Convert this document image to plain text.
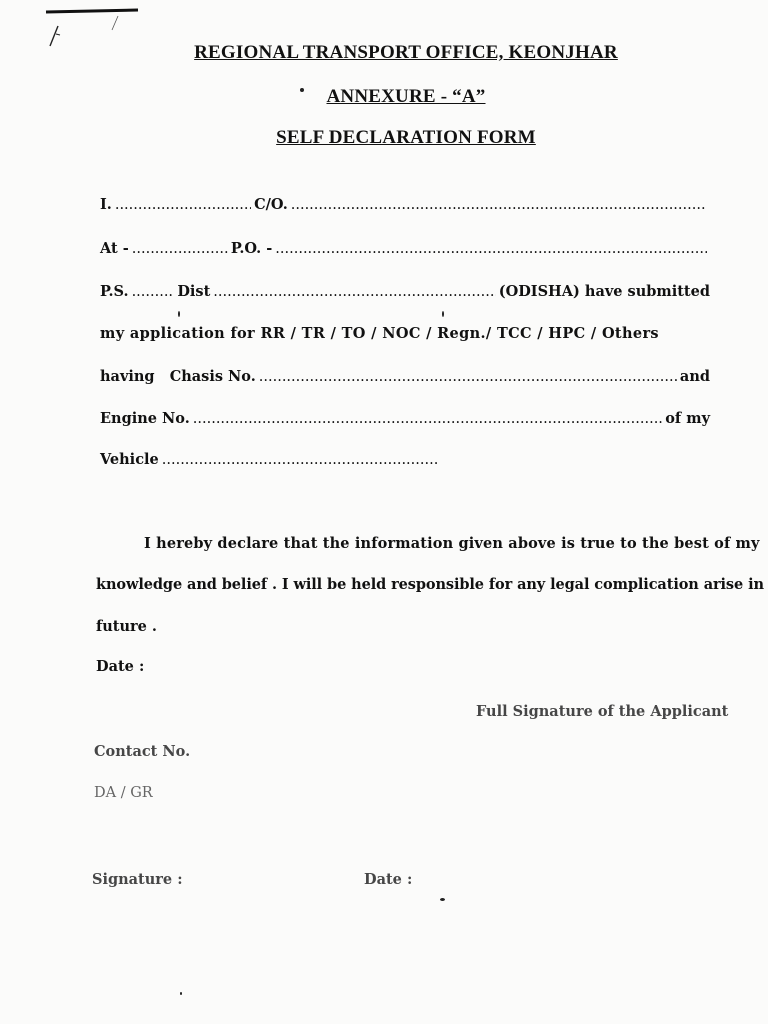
REGIONAL TRANSPORT OFFICE, KEONJHAR
ANNEXURE - “A”
SELF DECLARATION FORM
I. .....	C/O.
.....
At - .....	P.O. -
.....
P.S. .....	Dist .....	(ODISHA) have submitted
my application for RR / TR / TO / NOC / Regn./ TCC / HPC / Others
having   Chasis No. .....	and
Engine No. .....	of my
Vehicle
.....
I hereby declare that the information given above is true to the best of my
knowledge and belief . I will be held responsible for any legal complication arise in
future .
Date :
Full Signature of the Applicant
Contact No.
DA / GR
Signature :	Date :
